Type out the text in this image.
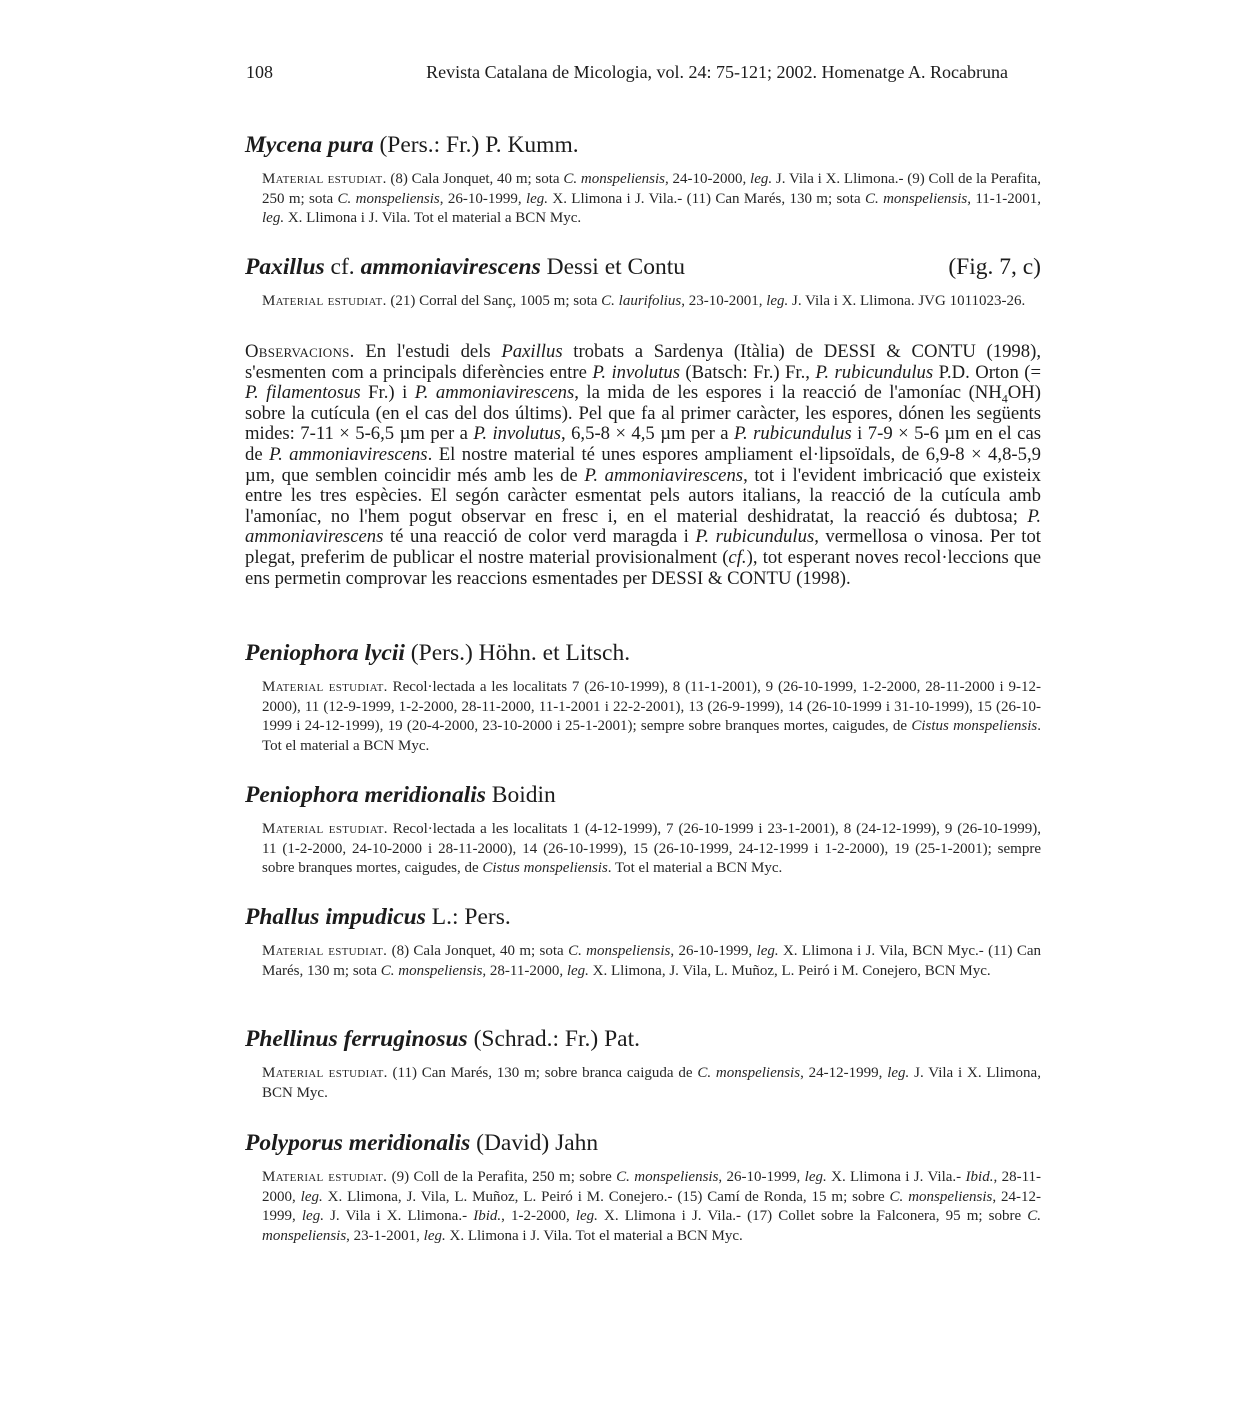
108	Revista Catalana de Micologia, vol. 24: 75-121; 2002. Homenatge A. Rocabruna
Mycena pura (Pers.: Fr.) P. Kumm.
Material estudiat. (8) Cala Jonquet, 40 m; sota C. monspeliensis, 24-10-2000, leg. J. Vila i X. Llimona.- (9) Coll de la Perafita, 250 m; sota C. monspeliensis, 26-10-1999, leg. X. Llimona i J. Vila.- (11) Can Marés, 130 m; sota C. monspeliensis, 11-1-2001, leg. X. Llimona i J. Vila. Tot el material a BCN Myc.
Paxillus cf. ammoniavirescens Dessi et Contu	(Fig. 7, c)
Material estudiat. (21) Corral del Sanç, 1005 m; sota C. laurifolius, 23-10-2001, leg. J. Vila i X. Llimona. JVG 1011023-26.
Observacions. En l'estudi dels Paxillus trobats a Sardenya (Itàlia) de DESSI & CONTU (1998), s'esmenten com a principals diferències entre P. involutus (Batsch: Fr.) Fr., P. rubicundulus P.D. Orton (= P. filamentosus Fr.) i P. ammoniavirescens, la mida de les espores i la reacció de l'amoníac $(NH_4OH)$ sobre la cutícula (en el cas del dos últims). Pel que fa al primer caràcter, les espores, dónen les següents mides: 7-11 × 5-6,5 µm per a P. involutus, 6,5-8 × 4,5 µm per a P. rubicundulus i 7-9 × 5-6 µm en el cas de P. ammoniavirescens. El nostre material té unes espores ampliament el·lipsoïdals, de 6,9-8 × 4,8-5,9 µm, que semblen coincidir més amb les de P. ammoniavirescens, tot i l'evident imbricació que existeix entre les tres espècies. El segón caràcter esmentat pels autors italians, la reacció de la cutícula amb l'amoníac, no l'hem pogut observar en fresc i, en el material deshidratat, la reacció és dubtosa; P. ammoniavirescens té una reacció de color verd maragda i P. rubicundulus, vermellosa o vinosa. Per tot plegat, preferim de publicar el nostre material provisionalment (cf.), tot esperant noves recol·leccions que ens permetin comprovar les reaccions esmentades per DESSI & CONTU (1998).
Peniophora lycii (Pers.) Höhn. et Litsch.
Material estudiat. Recol·lectada a les localitats 7 (26-10-1999), 8 (11-1-2001), 9 (26-10-1999, 1-2-2000, 28-11-2000 i 9-12-2000), 11 (12-9-1999, 1-2-2000, 28-11-2000, 11-1-2001 i 22-2-2001), 13 (26-9-1999), 14 (26-10-1999 i 31-10-1999), 15 (26-10-1999 i 24-12-1999), 19 (20-4-2000, 23-10-2000 i 25-1-2001); sempre sobre branques mortes, caigudes, de Cistus monspeliensis. Tot el material a BCN Myc.
Peniophora meridionalis Boidin
Material estudiat. Recol·lectada a les localitats 1 (4-12-1999), 7 (26-10-1999 i 23-1-2001), 8 (24-12-1999), 9 (26-10-1999), 11 (1-2-2000, 24-10-2000 i 28-11-2000), 14 (26-10-1999), 15 (26-10-1999, 24-12-1999 i 1-2-2000), 19 (25-1-2001); sempre sobre branques mortes, caigudes, de Cistus monspeliensis. Tot el material a BCN Myc.
Phallus impudicus L.: Pers.
Material estudiat. (8) Cala Jonquet, 40 m; sota C. monspeliensis, 26-10-1999, leg. X. Llimona i J. Vila, BCN Myc.- (11) Can Marés, 130 m; sota C. monspeliensis, 28-11-2000, leg. X. Llimona, J. Vila, L. Muñoz, L. Peiró i M. Conejero, BCN Myc.
Phellinus ferruginosus (Schrad.: Fr.) Pat.
Material estudiat. (11) Can Marés, 130 m; sobre branca caiguda de C. monspeliensis, 24-12-1999, leg. J. Vila i X. Llimona, BCN Myc.
Polyporus meridionalis (David) Jahn
Material estudiat. (9) Coll de la Perafita, 250 m; sobre C. monspeliensis, 26-10-1999, leg. X. Llimona i J. Vila.- Ibid., 28-11-2000, leg. X. Llimona, J. Vila, L. Muñoz, L. Peiró i M. Conejero.- (15) Camí de Ronda, 15 m; sobre C. monspeliensis, 24-12-1999, leg. J. Vila i X. Llimona.- Ibid., 1-2-2000, leg. X. Llimona i J. Vila.- (17) Collet sobre la Falconera, 95 m; sobre C. monspeliensis, 23-1-2001, leg. X. Llimona i J. Vila. Tot el material a BCN Myc.
